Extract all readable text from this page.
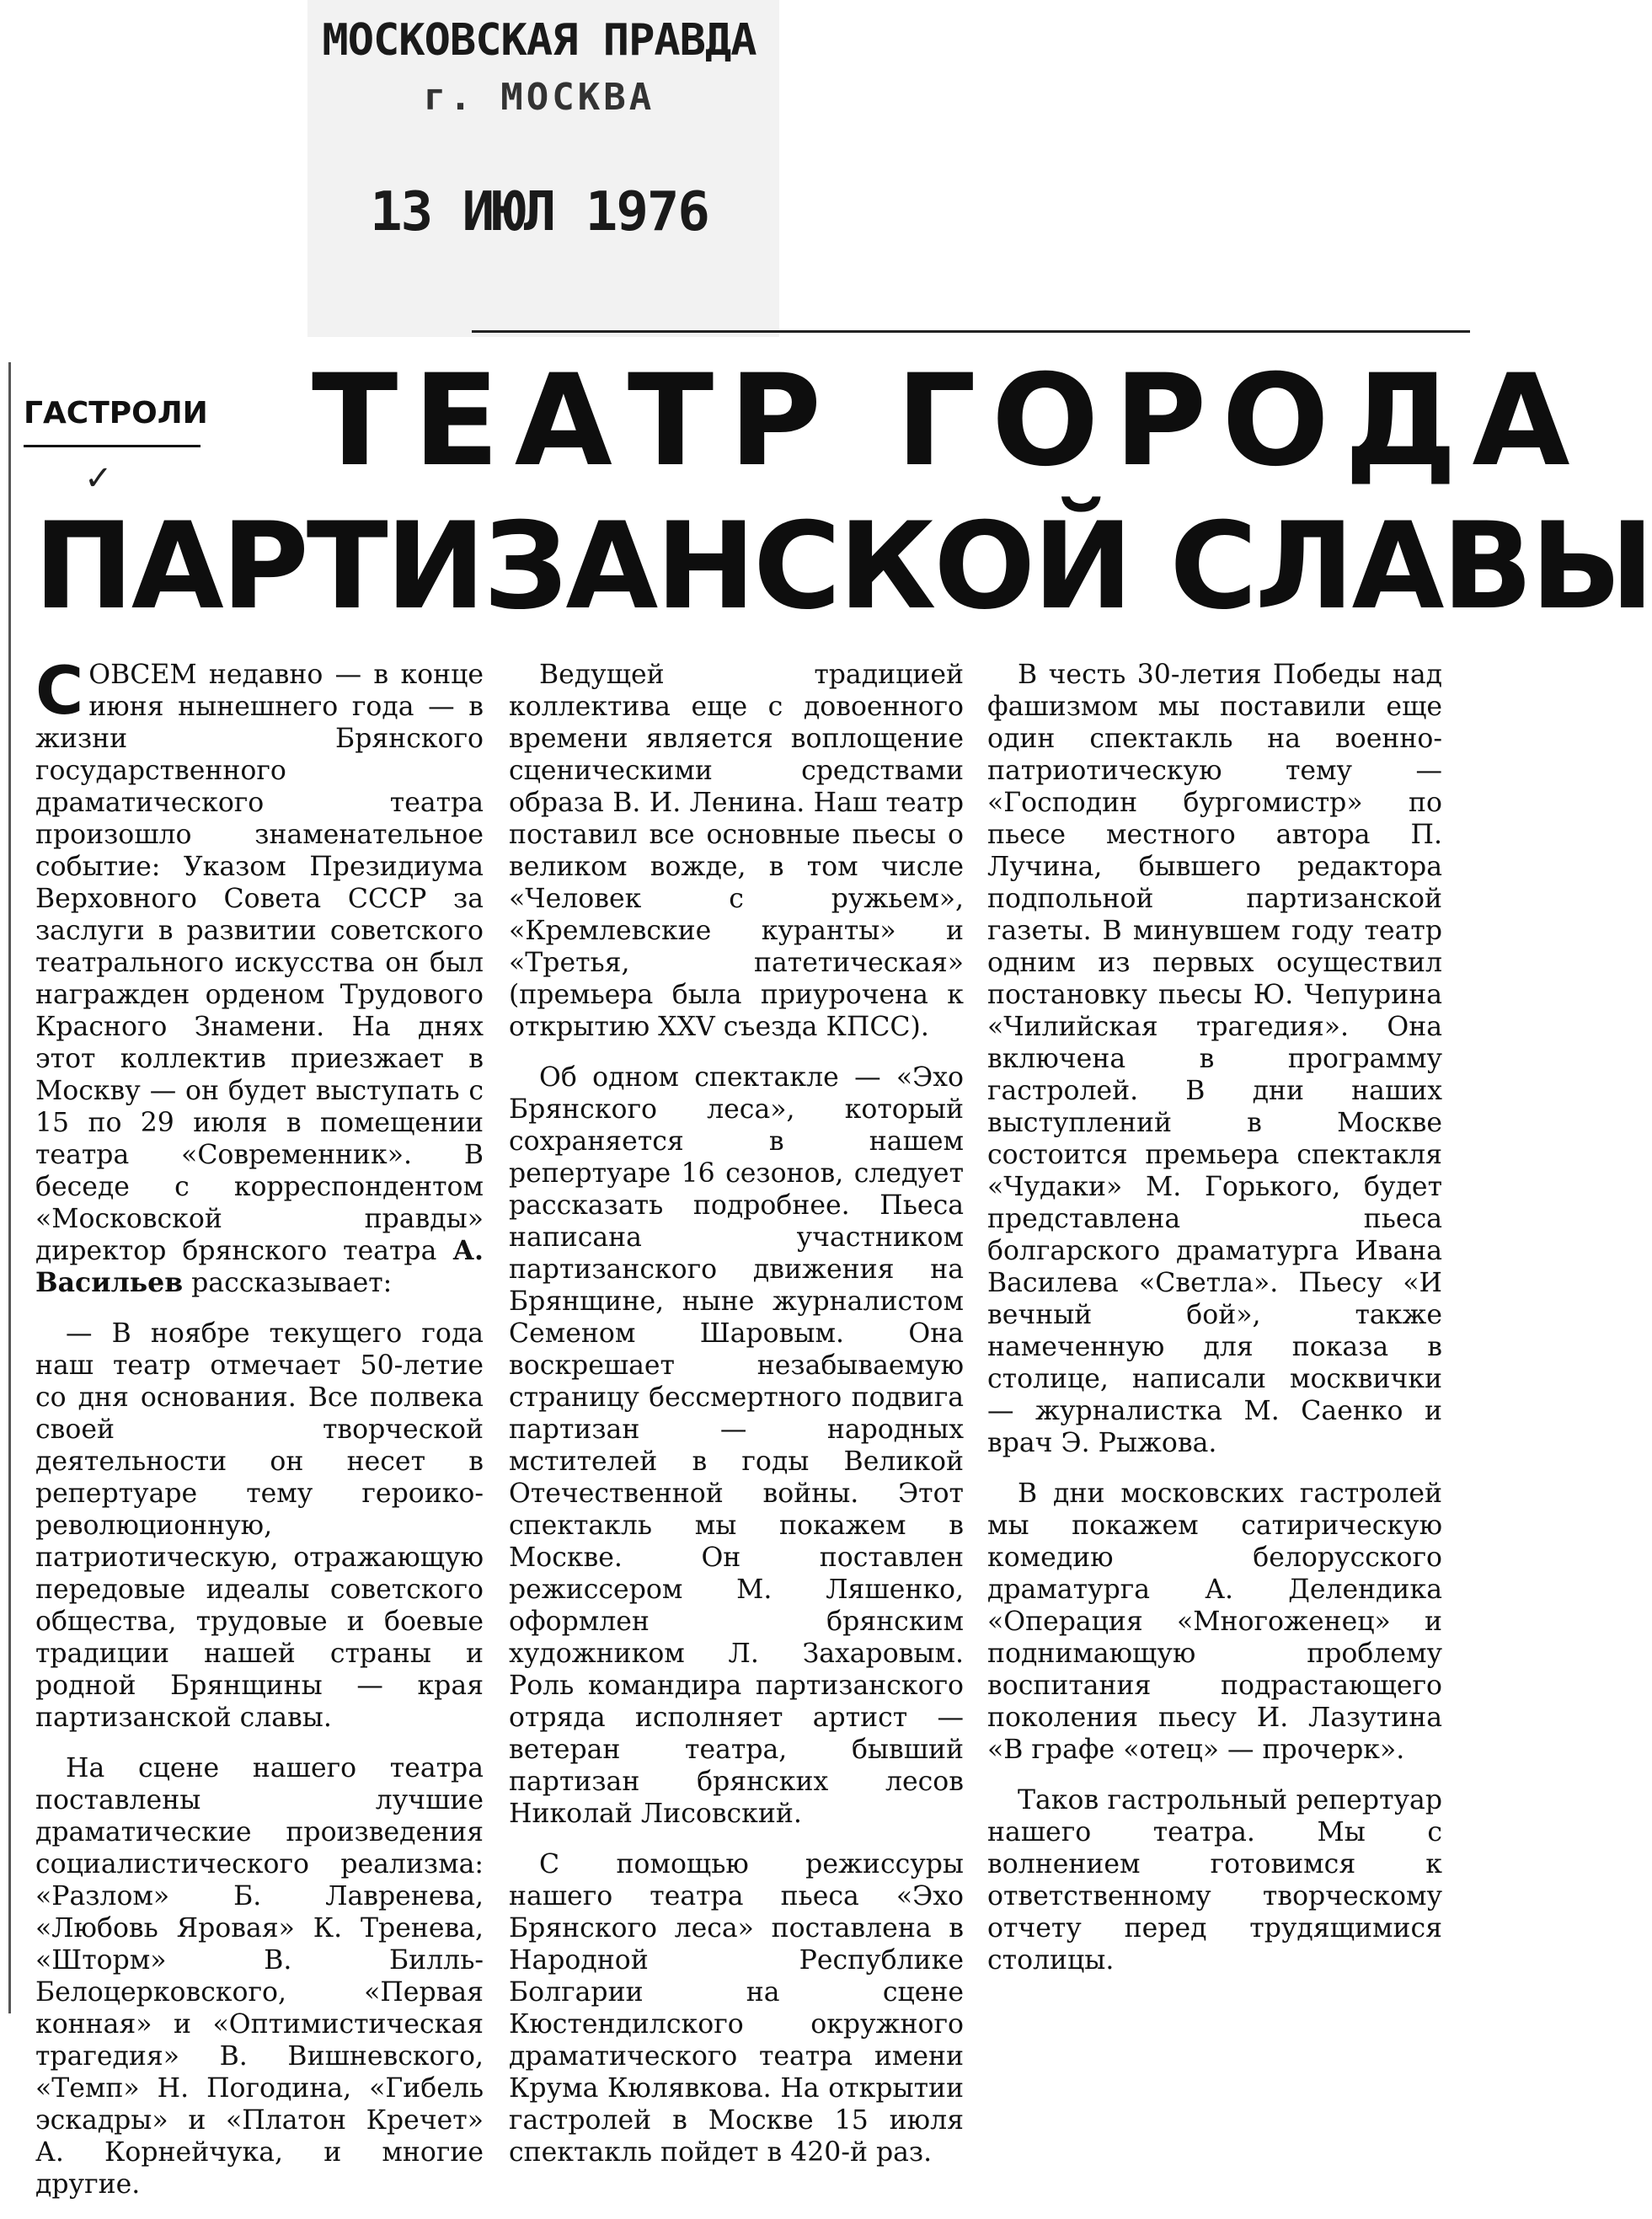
МОСКОВСКАЯ ПРАВДА
г. МОСКВА
13 ИЮЛ 1976
ГАСТРОЛИ
✓ ТЕАТР ГОРОДА
ПАРТИЗАНСКОЙ СЛАВЫ

СОВСЕМ недавно — в конце июня нынешнего года — в жизни Брянского государственного драматического театра произошло знаменательное событие: Указом Президиума Верховного Совета СССР за заслуги в развитии советского театрального искусства он был награжден орденом Трудового Красного Знамени. На днях этот коллектив приезжает в Москву — он будет выступать с 15 по 29 июля в помещении театра «Современник». В беседе с корреспондентом «Московской правды» директор брянского театра А. Васильев рассказывает:

— В ноябре текущего года наш театр отмечает 50-летие со дня основания. Все полвека своей творческой деятельности он несет в репертуаре тему героико-революционную, патриотическую, отражающую передовые идеалы советского общества, трудовые и боевые традиции нашей страны и родной Брянщины — края партизанской славы.

На сцене нашего театра поставлены лучшие драматические произведения социалистического реализма: «Разлом» Б. Лавренева, «Любовь Яровая» К. Тренева, «Шторм» В. Билль-Белоцерковского, «Первая конная» и «Оптимистическая трагедия» В. Вишневского, «Темп» Н. Погодина, «Гибель эскадры» и «Платон Кречет» А. Корнейчука, и многие другие.

Ведущей традицией коллектива еще с довоенного времени является воплощение сценическими средствами образа В. И. Ленина. Наш театр поставил все основные пьесы о великом вожде, в том числе «Человек с ружьем», «Кремлевские куранты» и «Третья, патетическая» (премьера была приурочена к открытию XXV съезда КПСС).

Об одном спектакле — «Эхо Брянского леса», который сохраняется в нашем репертуаре 16 сезонов, следует рассказать подробнее. Пьеса написана участником партизанского движения на Брянщине, ныне журналистом Семеном Шаровым. Она воскрешает незабываемую страницу бессмертного подвига партизан — народных мстителей в годы Великой Отечественной войны. Этот спектакль мы покажем в Москве. Он поставлен режиссером М. Ляшенко, оформлен брянским художником Л. Захаровым. Роль командира партизанского отряда исполняет артист — ветеран театра, бывший партизан брянских лесов Николай Лисовский.

С помощью режиссуры нашего театра пьеса «Эхо Брянского леса» поставлена в Народной Республике Болгарии на сцене Кюстендилского окружного драматического театра имени Крума Кюлявкова. На открытии гастролей в Москве 15 июля спектакль пойдет в 420-й раз.

В честь 30-летия Победы над фашизмом мы поставили еще один спектакль на военно-патриотическую тему — «Господин бургомистр» по пьесе местного автора П. Лучина, бывшего редактора подпольной партизанской газеты. В минувшем году театр одним из первых осуществил постановку пьесы Ю. Чепурина «Чилийская трагедия». Она включена в программу гастролей. В дни наших выступлений в Москве состоится премьера спектакля «Чудаки» М. Горького, будет представлена пьеса болгарского драматурга Ивана Василева «Светла». Пьесу «И вечный бой», также намеченную для показа в столице, написали москвички — журналистка М. Саенко и врач Э. Рыжова.

В дни московских гастролей мы покажем сатирическую комедию белорусского драматурга А. Делендика «Операция «Многоженец» и поднимающую проблему воспитания подрастающего поколения пьесу И. Лазутина «В графе «отец» — прочерк».

Таков гастрольный репертуар нашего театра. Мы с волнением готовимся к ответственному творческому отчету перед трудящимися столицы.
